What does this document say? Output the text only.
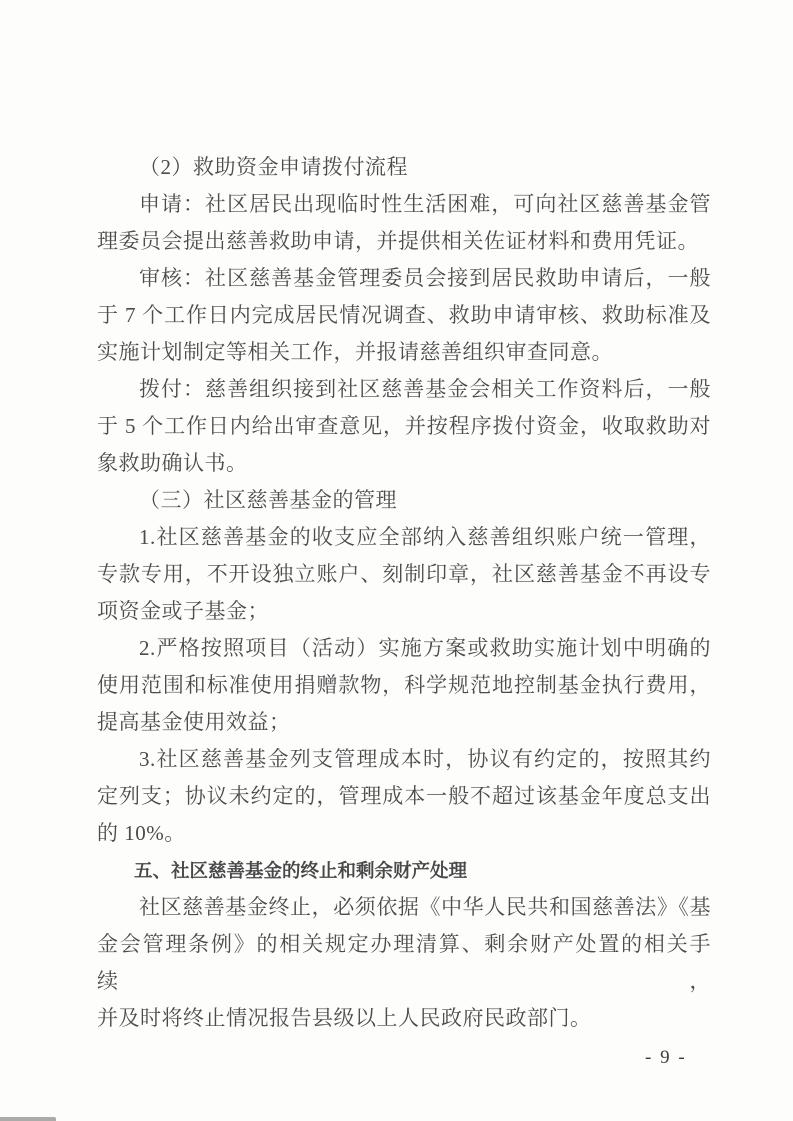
（2）救助资金申请拨付流程
申请：社区居民出现临时性生活困难，可向社区慈善基金管
理委员会提出慈善救助申请，并提供相关佐证材料和费用凭证。
审核：社区慈善基金管理委员会接到居民救助申请后，一般
于 7 个工作日内完成居民情况调查、救助申请审核、救助标准及
实施计划制定等相关工作，并报请慈善组织审查同意。
拨付：慈善组织接到社区慈善基金会相关工作资料后，一般
于 5 个工作日内给出审查意见，并按程序拨付资金，收取救助对
象救助确认书。
（三）社区慈善基金的管理
1.社区慈善基金的收支应全部纳入慈善组织账户统一管理，
专款专用，不开设独立账户、刻制印章，社区慈善基金不再设专
项资金或子基金；
2.严格按照项目（活动）实施方案或救助实施计划中明确的
使用范围和标准使用捐赠款物，科学规范地控制基金执行费用，
提高基金使用效益；
3.社区慈善基金列支管理成本时，协议有约定的，按照其约
定列支；协议未约定的，管理成本一般不超过该基金年度总支出
的 10%。
五、社区慈善基金的终止和剩余财产处理
社区慈善基金终止，必须依据《中华人民共和国慈善法》《基
金会管理条例》的相关规定办理清算、剩余财产处置的相关手续，
并及时将终止情况报告县级以上人民政府民政部门。
- 9 -
